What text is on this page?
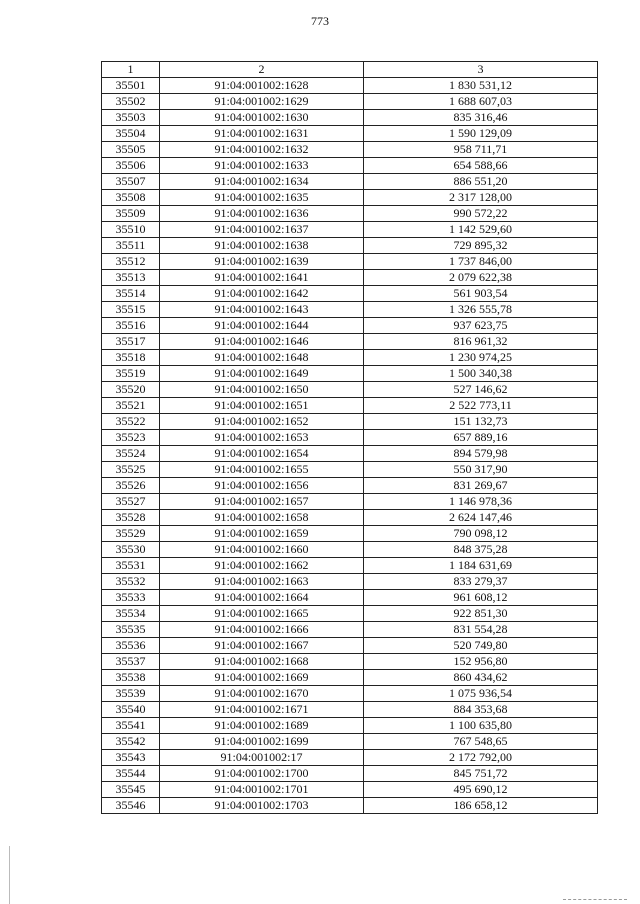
773
1	2	3
35501	91:04:001002:1628	1 830 531,12
35502	91:04:001002:1629	1 688 607,03
35503	91:04:001002:1630	835 316,46
35504	91:04:001002:1631	1 590 129,09
35505	91:04:001002:1632	958 711,71
35506	91:04:001002:1633	654 588,66
35507	91:04:001002:1634	886 551,20
35508	91:04:001002:1635	2 317 128,00
35509	91:04:001002:1636	990 572,22
35510	91:04:001002:1637	1 142 529,60
35511	91:04:001002:1638	729 895,32
35512	91:04:001002:1639	1 737 846,00
35513	91:04:001002:1641	2 079 622,38
35514	91:04:001002:1642	561 903,54
35515	91:04:001002:1643	1 326 555,78
35516	91:04:001002:1644	937 623,75
35517	91:04:001002:1646	816 961,32
35518	91:04:001002:1648	1 230 974,25
35519	91:04:001002:1649	1 500 340,38
35520	91:04:001002:1650	527 146,62
35521	91:04:001002:1651	2 522 773,11
35522	91:04:001002:1652	151 132,73
35523	91:04:001002:1653	657 889,16
35524	91:04:001002:1654	894 579,98
35525	91:04:001002:1655	550 317,90
35526	91:04:001002:1656	831 269,67
35527	91:04:001002:1657	1 146 978,36
35528	91:04:001002:1658	2 624 147,46
35529	91:04:001002:1659	790 098,12
35530	91:04:001002:1660	848 375,28
35531	91:04:001002:1662	1 184 631,69
35532	91:04:001002:1663	833 279,37
35533	91:04:001002:1664	961 608,12
35534	91:04:001002:1665	922 851,30
35535	91:04:001002:1666	831 554,28
35536	91:04:001002:1667	520 749,80
35537	91:04:001002:1668	152 956,80
35538	91:04:001002:1669	860 434,62
35539	91:04:001002:1670	1 075 936,54
35540	91:04:001002:1671	884 353,68
35541	91:04:001002:1689	1 100 635,80
35542	91:04:001002:1699	767 548,65
35543	91:04:001002:17	2 172 792,00
35544	91:04:001002:1700	845 751,72
35545	91:04:001002:1701	495 690,12
35546	91:04:001002:1703	186 658,12
